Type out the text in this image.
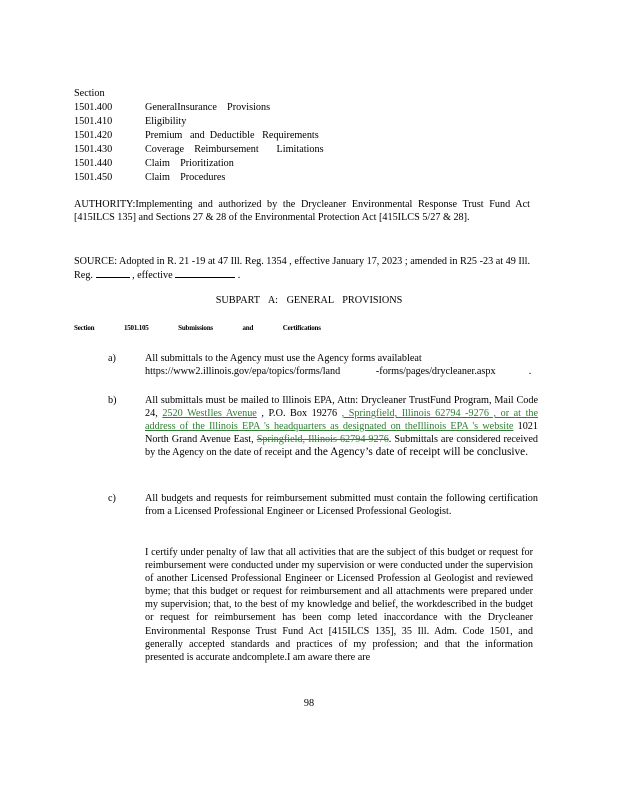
Section
1501.400	GeneralInsurance    Provisions
1501.410	Eligibility
1501.420	Premium   and  Deductible   Requirements
1501.430	Coverage    Reimbursement       Limitations
1501.440	Claim    Prioritization
1501.450	Claim    Procedures
AUTHORITY:Implementing and authorized by the Drycleaner Environmental Response Trust Fund Act [415ILCS 135] and Sections 27 & 28 of the Environmental Protection Act [415ILCS 5/27 & 28].
SOURCE: Adopted in R. 21 -19 at 47 Ill. Reg. 1354 , effective January 17, 2023 ; amended in R25 -23 at 49 Ill. Reg.	, effective	.
SUBPART A: GENERAL PROVISIONS
Section	1501.105	Submissions	and	Certifications
a)	All submittals to the Agency must use the Agency forms availableat
https://www2.illinois.gov/epa/topics/forms/land              -forms/pages/drycleaner.aspx	.
b)	All submittals must be mailed to Illinois EPA, Attn: Drycleaner TrustFund Program, Mail Code 24, 2520 WestIles Avenue , P.O. Box 19276 , Springfield, Illinois 62794 -9276 , or at the address of the Illinois EPA 's headquarters as designated on theIllinois EPA 's website 1021 North Grand Avenue East, Springfield, Illinois 62794 9276. Submittals are considered received by the Agency on the date of receipt and the Agency’s date of receipt will be conclusive.
c)	All budgets and requests for reimbursement submitted must contain the following certification from a Licensed Professional Engineer or Licensed Professional Geologist.
I certify under penalty of law that all activities that are the subject of this budget or request for reimbursement were conducted under my supervision or were conducted under the supervision of another Licensed Professional Engineer or Licensed Profession al Geologist and reviewed byme; that this budget or request for reimbursement and all attachments were prepared under my supervision; that, to the best of my knowledge and belief, the workdescribed in the budget or request for reimbursement has been comp leted inaccordance with the Drycleaner Environmental Response Trust Fund Act [415ILCS 135], 35 Ill. Adm. Code 1501, and generally accepted standards and practices of my profession; and that the information presented is accurate andcomplete.I am aware there are
98
